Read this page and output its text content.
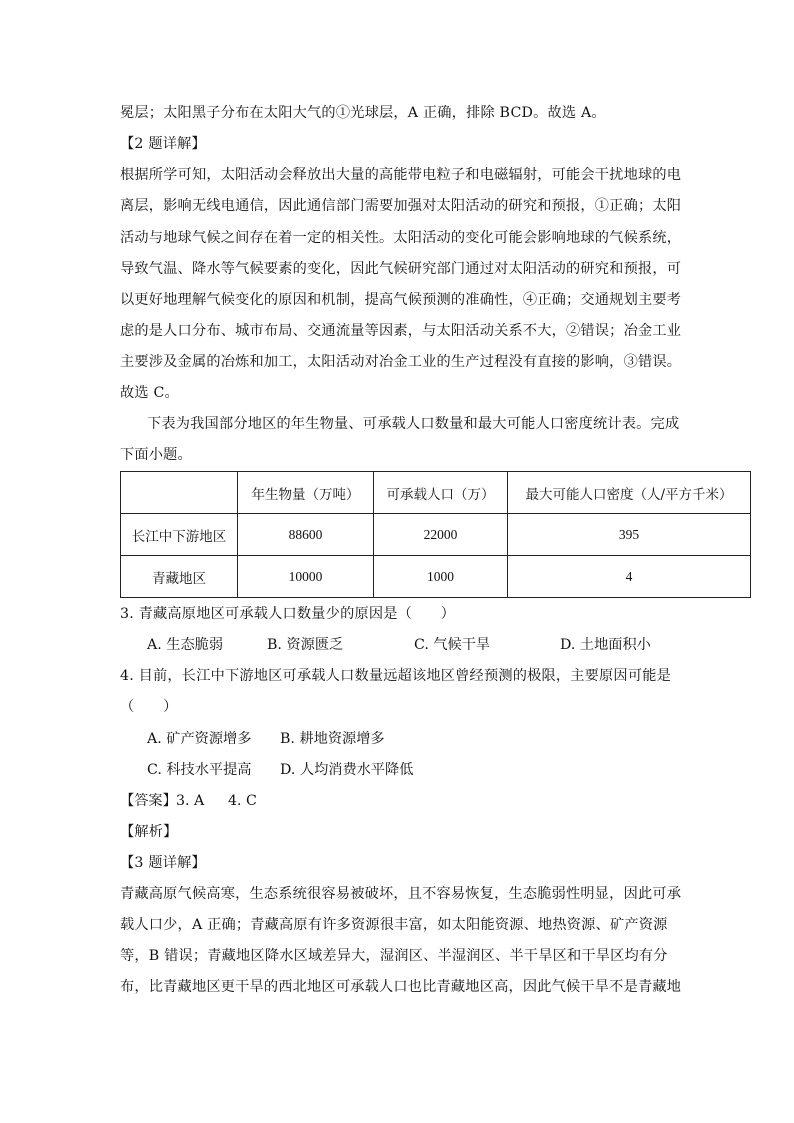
冕层；太阳黑子分布在太阳大气的①光球层，A 正确，排除 BCD。故选 A。
【2 题详解】
根据所学可知，太阳活动会释放出大量的高能带电粒子和电磁辐射，可能会干扰地球的电
离层，影响无线电通信，因此通信部门需要加强对太阳活动的研究和预报，①正确；太阳
活动与地球气候之间存在着一定的相关性。太阳活动的变化可能会影响地球的气候系统，
导致气温、降水等气候要素的变化，因此气候研究部门通过对太阳活动的研究和预报，可
以更好地理解气候变化的原因和机制，提高气候预测的准确性，④正确；交通规划主要考
虑的是人口分布、城市布局、交通流量等因素，与太阳活动关系不大，②错误；冶金工业
主要涉及金属的冶炼和加工，太阳活动对冶金工业的生产过程没有直接的影响，③错误。
故选 C。
下表为我国部分地区的年生物量、可承载人口数量和最大可能人口密度统计表。完成
下面小题。
	年生物量（万吨）	可承载人口（万）	最大可能人口密度（人/平方千米）
长江中下游地区	88600	22000	395
青藏地区	10000	1000	4
3. 青藏高原地区可承载人口数量少的原因是（　　）
A. 生态脆弱	B. 资源匮乏	C. 气候干旱	D. 土地面积小
4. 目前，长江中下游地区可承载人口数量远超该地区曾经预测的极限，主要原因可能是
（　　）
A. 矿产资源增多 B. 耕地资源增多
C. 科技水平提高 D. 人均消费水平降低
【答案】 3. A 4. C
【解析】
【3 题详解】
青藏高原气候高寒，生态系统很容易被破坏，且不容易恢复，生态脆弱性明显，因此可承
载人口少，A 正确；青藏高原有许多资源很丰富，如太阳能资源、地热资源、矿产资源
等，B 错误；青藏地区降水区域差异大，湿润区、半湿润区、半干旱区和干旱区均有分
布，比青藏地区更干旱的西北地区可承载人口也比青藏地区高，因此气候干旱不是青藏地
